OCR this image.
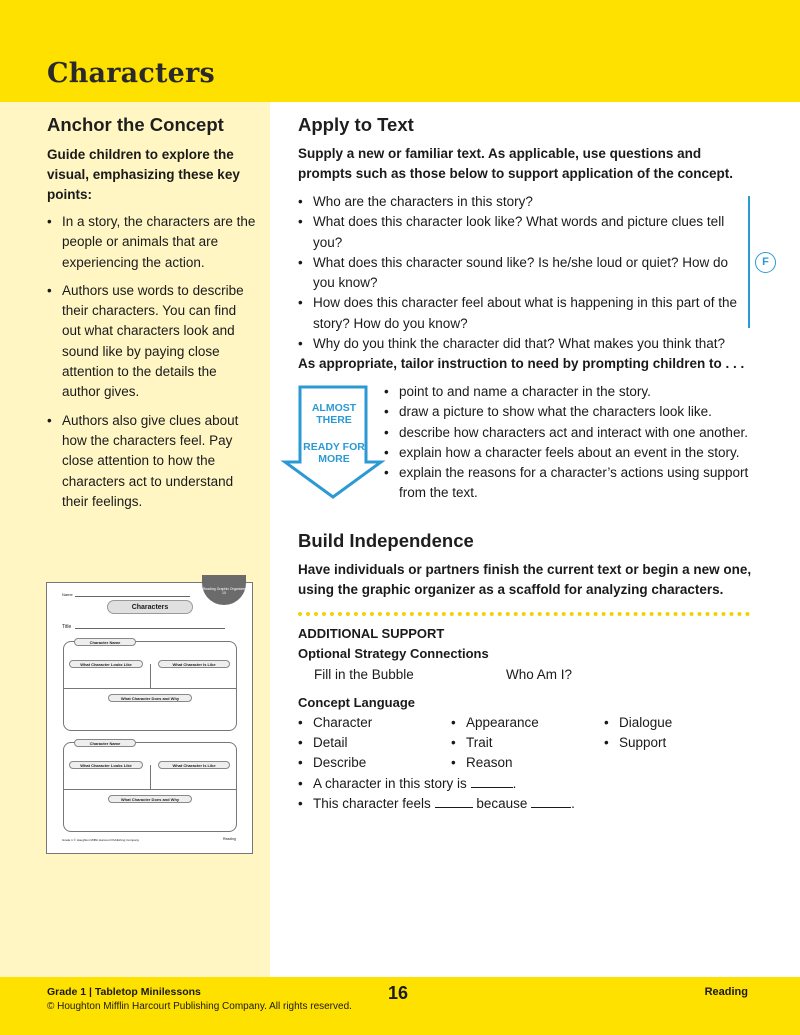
Characters
Anchor the Concept

Guide children to explore the visual, emphasizing these key points:

• In a story, the characters are the people or animals that are experiencing the action.
• Authors use words to describe their characters. You can find out what characters look and sound like by paying close attention to the details the author gives.
• Authors also give clues about how the characters feel. Pay close attention to how the characters act to understand their feelings.
Name
Reading Graphic Organizer 10
Characters
Title
Character Name
What Character Looks Like	What Character Is Like
What Character Does and Why
Character Name
What Character Looks Like	What Character Is Like
What Character Does and Why
Grade 1 © Houghton Mifflin Harcourt Publishing Company	Reading
Apply to Text

Supply a new or familiar text. As applicable, use questions and prompts such as those below to support application of the concept.

• Who are the characters in this story?
• What does this character look like? What words and picture clues tell you?
• What does this character sound like? Is he/she loud or quiet? How do you know?
• How does this character feel about what is happening in this part of the story? How do you know?
• Why do you think the character did that? What makes you think that?

As appropriate, tailor instruction to need by prompting children to . . .

• point to and name a character in the story.
• draw a picture to show what the characters look like.
• describe how characters act and interact with one another.
• explain how a character feels about an event in the story.
• explain the reasons for a character’s actions using support from the text.
Build Independence

Have individuals or partners finish the current text or begin a new one, using the graphic organizer as a scaffold for analyzing characters.

F
ALMOST THERE
READY FOR MORE
ADDITIONAL SUPPORT
Optional Strategy Connections
Fill in the Bubble	Who Am I?
Concept Language
• Character
• Detail
• Describe
• Appearance
• Trait
• Reason
• Dialogue
• Support
• A character in this story is	.
• This character feels	because	.
Grade 1 | Tabletop Minilessons
© Houghton Mifflin Harcourt Publishing Company. All rights reserved.
16	Reading
